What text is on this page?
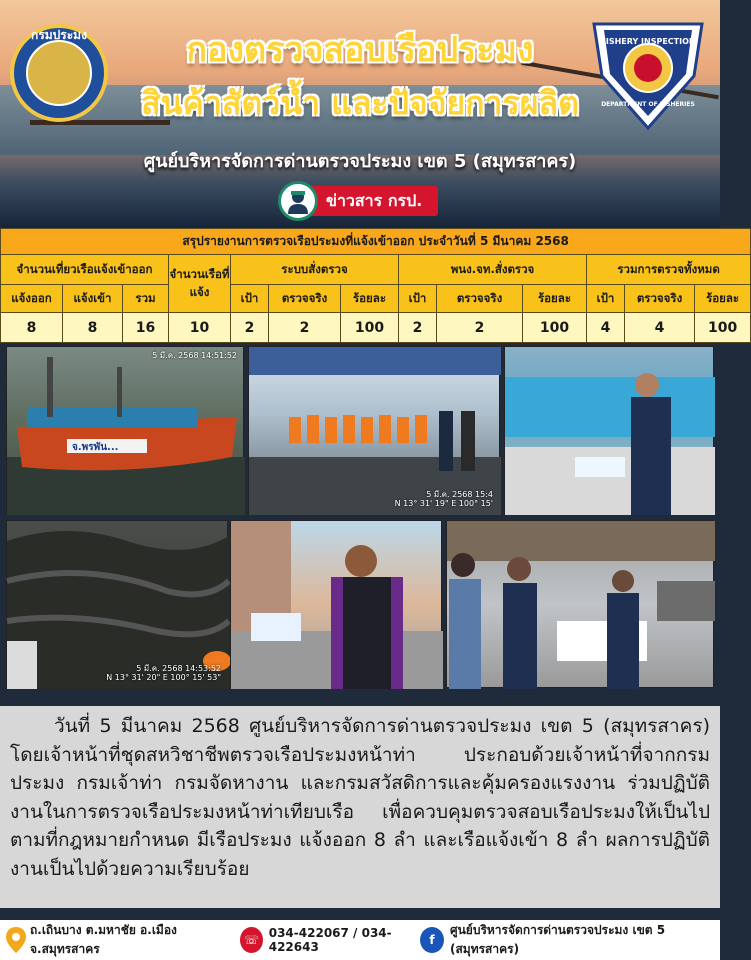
กรมประมง	FISHERY INSPECTION
DEPARTMENT OF FISHERIES
กองตรวจสอบเรือประมง
สินค้าสัตว์น้ำ และปัจจัยการผลิต
ศูนย์บริหารจัดการด่านตรวจประมง เขต 5 (สมุทรสาคร)
ข่าวสาร กรป.
สรุปรายงานการตรวจเรือประมงที่แจ้งเข้าออก ประจำวันที่ 5 มีนาคม 2568												
จำนวนเที่ยวเรือแจ้งเข้าออก			จำนวนเรือที่แจ้ง	ระบบสั่งตรวจ			พนง.จท.สั่งตรวจ			รวมการตรวจทั้งหมด		
แจ้งออก	แจ้งเข้า	รวม		เป้า	ตรวจจริง	ร้อยละ	เป้า	ตรวจจริง	ร้อยละ	เป้า	ตรวจจริง	ร้อยละ
8	8	16	10	2	2	100	2	2	100	4	4	100
จ.พรพัน...
5 มี.ค. 2568 14:51:52
5 มี.ค. 2568 15:4
N 13° 31' 19" E 100° 15'
5 มี.ค. 2568 14:53:52
N 13° 31' 20" E 100° 15' 53"

วันที่ 5 มีนาคม 2568 ศูนย์บริหารจัดการด่านตรวจประมง เขต 5 (สมุทรสาคร) โดยเจ้าหน้าที่ชุดสหวิชาชีพตรวจเรือประมงหน้าท่า ประกอบด้วยเจ้าหน้าที่จากกรมประมง กรมเจ้าท่า กรมจัดหางาน และกรมสวัสดิการและคุ้มครองแรงงาน ร่วมปฏิบัติงานในการตรวจเรือประมงหน้าท่าเทียบเรือ เพื่อควบคุมตรวจสอบเรือประมงให้เป็นไปตามที่กฎหมายกำหนด มีเรือประมง แจ้งออก 8 ลำ และเรือแจ้งเข้า 8 ลำ ผลการปฏิบัติงานเป็นไปด้วยความเรียบร้อย

ถ.เถินบาง ต.มหาชัย อ.เมือง จ.สมุทรสาคร
☏ 034-422067 / 034-422643	f
ศูนย์บริหารจัดการด่านตรวจประมง เขต 5 (สมุทรสาคร)
